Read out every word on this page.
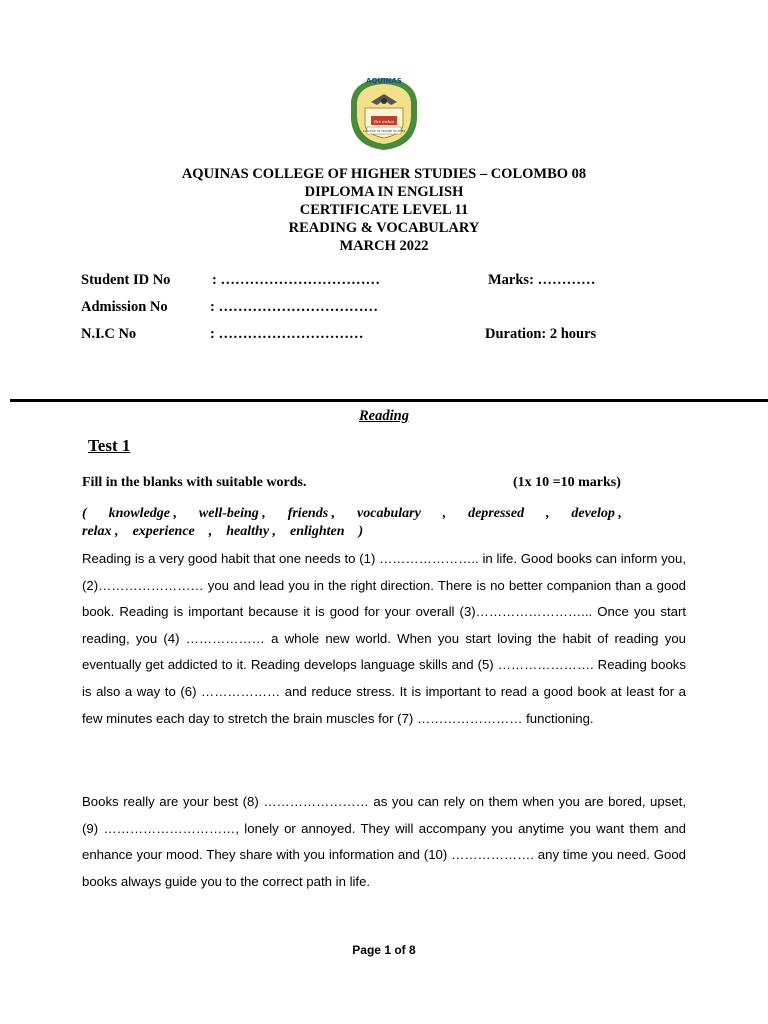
AQUINAS
Per ardua
COLLEGE OF HIGHER STUDIES
AQUINAS COLLEGE OF HIGHER STUDIES – COLOMBO 08
DIPLOMA IN ENGLISH
CERTIFICATE LEVEL 11
READING & VOCABULARY
MARCH 2022
Student ID No	: ……………………………	Marks: …………
Admission No	: ……………………………
N.I.C No	: …………………………	Duration: 2 hours
Reading
Test 1
Fill in the blanks with suitable words.	(1x 10 =10 marks)
( knowledge , well-being , friends , vocabulary , depressed , develop ,
relax , experience , healthy , enlighten )
Reading is a very good habit that one needs to (1) ………………….. in life. Good books can inform you, (2)…………………… you and lead you in the right direction. There is no better companion than a good book. Reading is important because it is good for your overall (3)……………………... Once you start reading, you (4) ……………… a whole new world. When you start loving the habit of reading you eventually get addicted to it. Reading develops language skills and (5) …………………. Reading books is also a way to (6) ……………… and reduce stress. It is important to read a good book at least for a few minutes each day to stretch the brain muscles for (7) …………………… functioning.
Books really are your best (8) …………………… as you can rely on them when you are bored, upset,(9) …………………………, lonely or annoyed. They will accompany you anytime you want them and enhance your mood. They share with you information and (10) ………………. any time you need. Good books always guide you to the correct path in life.
Page 1 of 8
